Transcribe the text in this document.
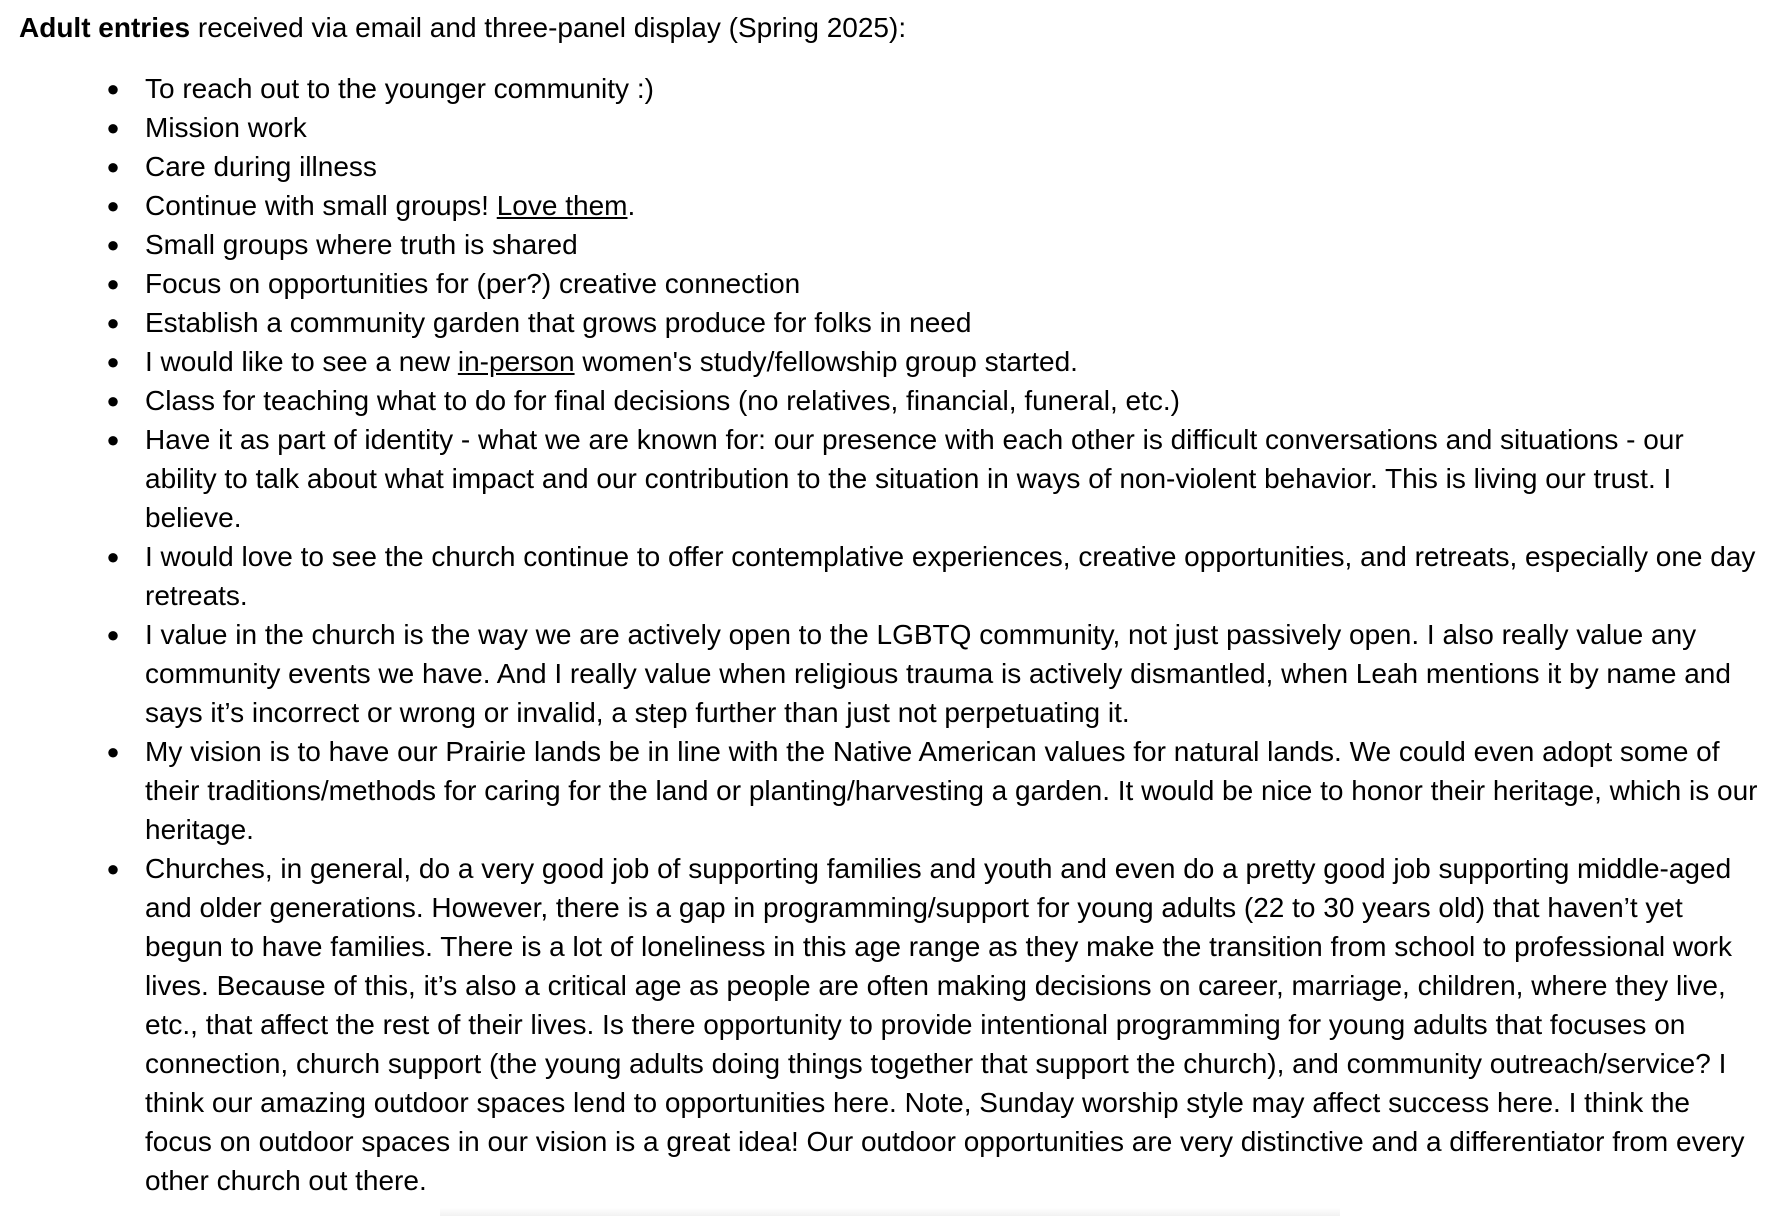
Adult entries received via email and three-panel display (Spring 2025):
● To reach out to the younger community :)
● Mission work
● Care during illness
● Continue with small groups! Love them.
● Small groups where truth is shared
● Focus on opportunities for (per?) creative connection
● Establish a community garden that grows produce for folks in need
● I would like to see a new in-person women's study/fellowship group started.
● Class for teaching what to do for final decisions (no relatives, financial, funeral, etc.)
● Have it as part of identity - what we are known for: our presence with each other is difficult conversations and situations - our ability to talk about what impact and our contribution to the situation in ways of non-violent behavior. This is living our trust. I believe.
● I would love to see the church continue to offer contemplative experiences, creative opportunities, and retreats, especially one day retreats.
● I value in the church is the way we are actively open to the LGBTQ community, not just passively open. I also really value any community events we have. And I really value when religious trauma is actively dismantled, when Leah mentions it by name and says it’s incorrect or wrong or invalid, a step further than just not perpetuating it.
● My vision is to have our Prairie lands be in line with the Native American values for natural lands. We could even adopt some of their traditions/methods for caring for the land or planting/harvesting a garden. It would be nice to honor their heritage, which is our heritage.
● Churches, in general, do a very good job of supporting families and youth and even do a pretty good job supporting middle-aged and older generations. However, there is a gap in programming/support for young adults (22 to 30 years old) that haven’t yet begun to have families. There is a lot of loneliness in this age range as they make the transition from school to professional work lives. Because of this, it’s also a critical age as people are often making decisions on career, marriage, children, where they live, etc., that affect the rest of their lives. Is there opportunity to provide intentional programming for young adults that focuses on connection, church support (the young adults doing things together that support the church), and community outreach/service? I think our amazing outdoor spaces lend to opportunities here. Note, Sunday worship style may affect success here. I think the focus on outdoor spaces in our vision is a great idea! Our outdoor opportunities are very distinctive and a differentiator from every other church out there.
